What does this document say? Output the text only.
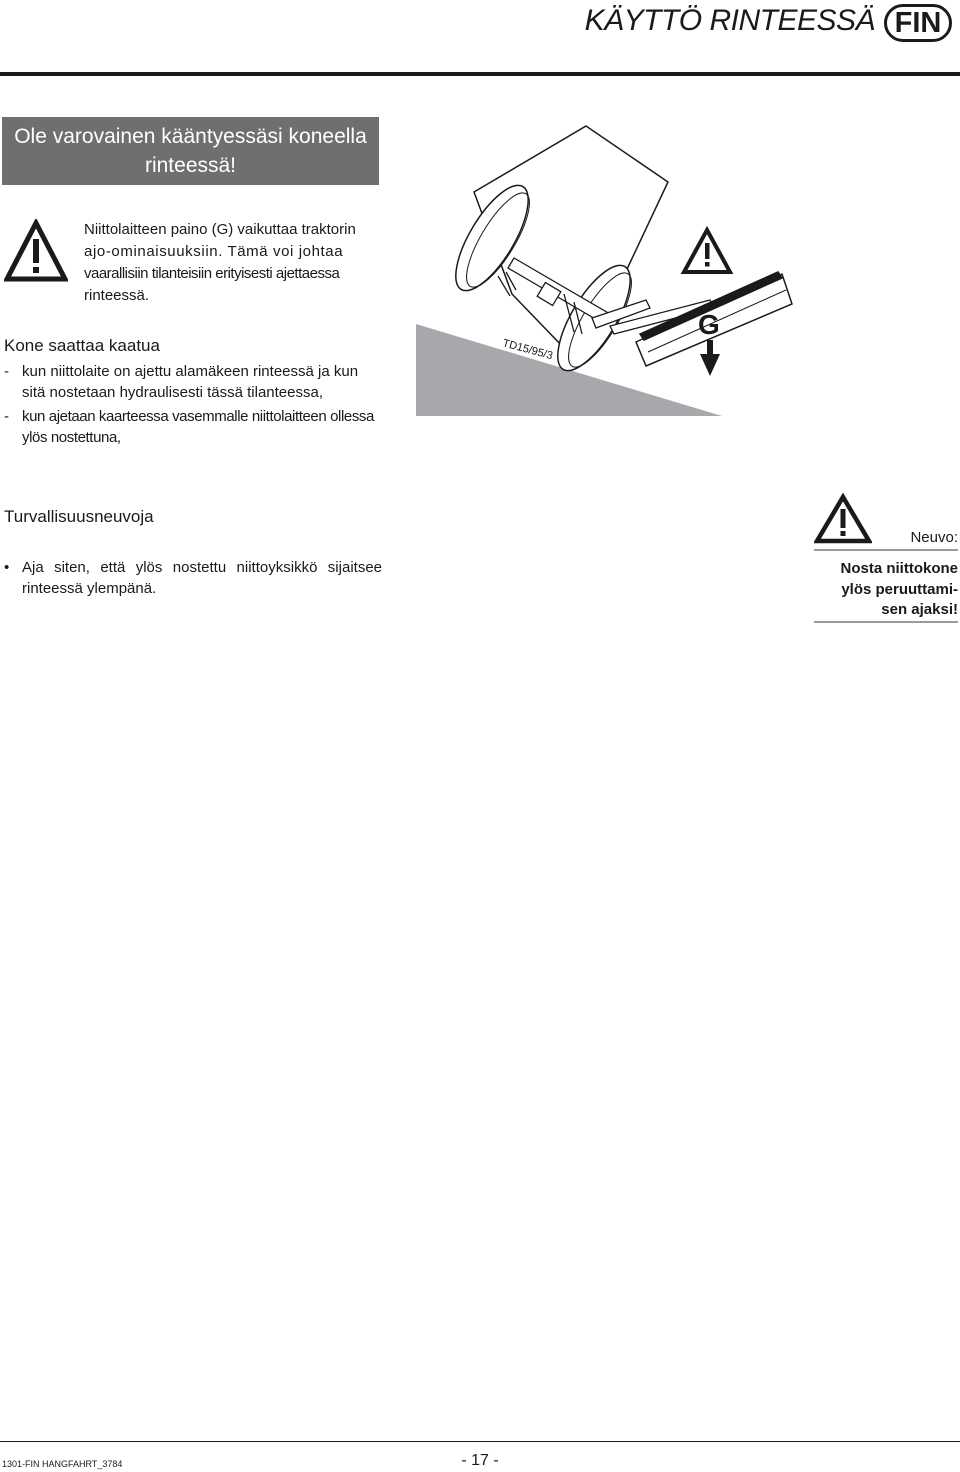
KÄYTTÖ RINTEESSÄ FIN
Ole varovainen kääntyessäsi koneella
rinteessä!
Niittolaitteen paino (G) vaikuttaa traktorin
ajo-ominaisuuksiin. Tämä voi johtaa
vaarallisiin tilanteisiin erityisesti ajettaessa
rinteessä.
Kone saattaa kaatua
- kun niittolaite on ajettu alamäkeen rinteessä ja kun sitä nostetaan hydraulisesti tässä tilanteessa,
- kun ajetaan kaarteessa vasemmalle niittolaitteen ollessa ylös nostettuna,
G
TD15/95/3
Turvallisuusneuvoja
• Aja siten, että ylös nostettu niittoyksikkö sijaitsee rinteessä ylempänä.
Neuvo:
Nosta niittokone
ylös peruuttami-
sen ajaksi!
1301-FIN HANGFAHRT_3784	- 17 -
